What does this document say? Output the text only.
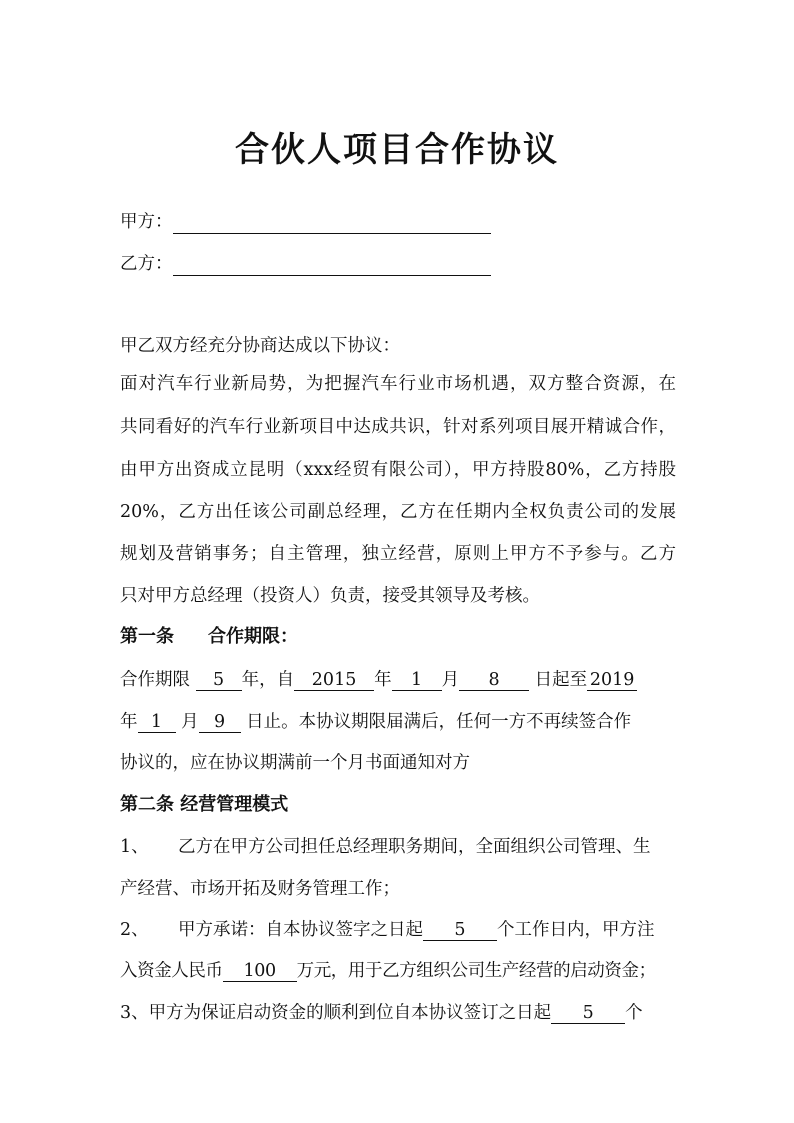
合伙人项目合作协议
甲方：
乙方：
甲乙双方经充分协商达成以下协议：
面对汽车行业新局势，为把握汽车行业市场机遇，双方整合资源，在
共同看好的汽车行业新项目中达成共识，针对系列项目展开精诚合作，
由甲方出资成立昆明（xxx经贸有限公司），甲方持股80%，乙方持股
20%，乙方出任该公司副总经理，乙方在任期内全权负责公司的发展
规划及营销事务；自主管理，独立经营，原则上甲方不予参与。乙方
只对甲方总经理（投资人）负责，接受其领导及考核。
第一条 合作期限：
合作期限 5 年，自 2015 年 1 月 8 日起至 2019
年 1 月 9 日止。本协议期限届满后，任何一方不再续签合作
协议的，应在协议期满前一个月书面通知对方
第二条 经营管理模式
1、 乙方在甲方公司担任总经理职务期间，全面组织公司管理、生
产经营、市场开拓及财务管理工作；
2、 甲方承诺：自本协议签字之日起 5 个工作日内，甲方注
入资金人民币 100 万元，用于乙方组织公司生产经营的启动资金；
3、甲方为保证启动资金的顺利到位自本协议签订之日起 5 个
